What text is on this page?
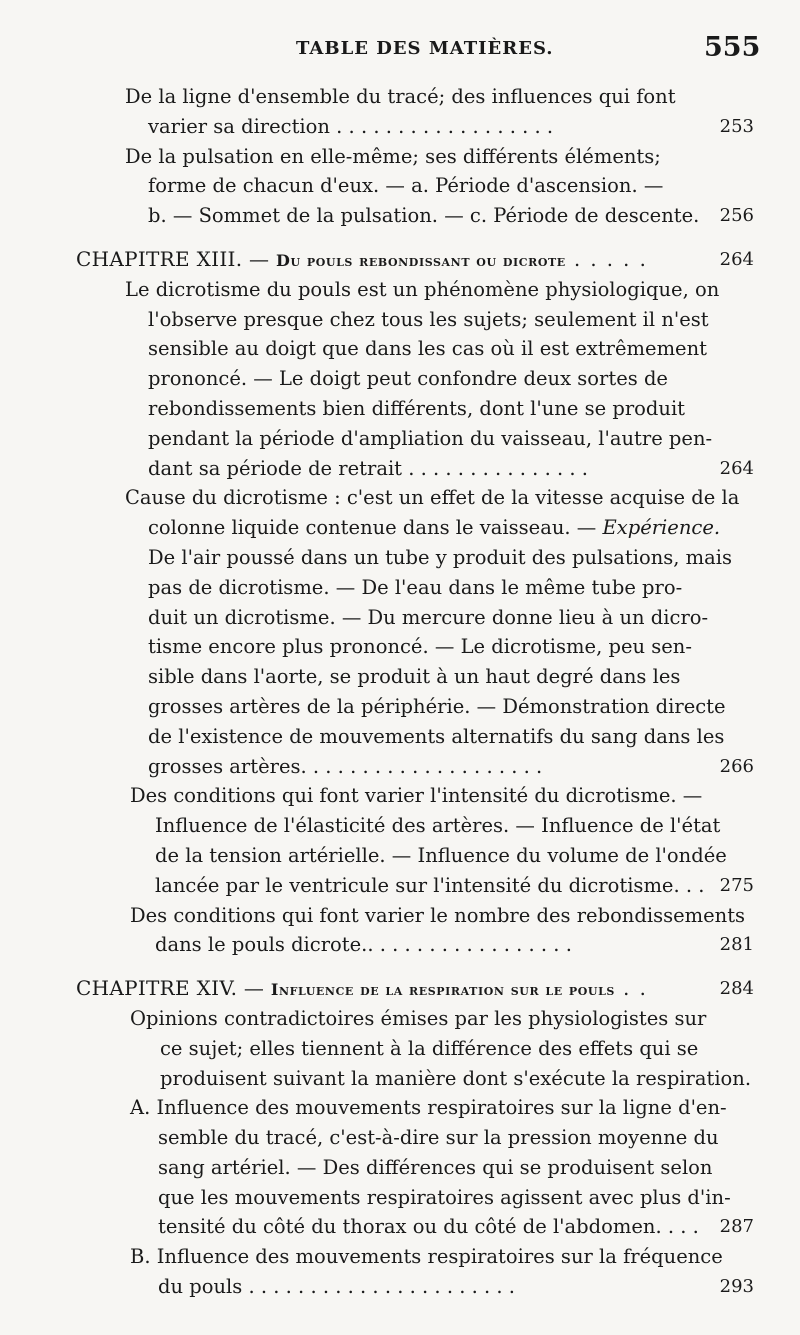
TABLE DES MATIÈRES.	555
De la ligne d'ensemble du tracé; des influences qui font
varier sa direction . . . . . . . . . . . . . . . . . .	253
De la pulsation en elle-même; ses différents éléments;
forme de chacun d'eux. — a. Période d'ascension. —
b. — Sommet de la pulsation. — c. Période de descente. 256
CHAPITRE XIII. — Du pouls rebondissant ou dicrote . . . . .	264
Le dicrotisme du pouls est un phénomène physiologique, on
l'observe presque chez tous les sujets; seulement il n'est
sensible au doigt que dans les cas où il est extrêmement
prononcé. — Le doigt peut confondre deux sortes de
rebondissements bien différents, dont l'une se produit
pendant la période d'ampliation du vaisseau, l'autre pen-
dant sa période de retrait . . . . . . . . . . . . . . .	264
Cause du dicrotisme : c'est un effet de la vitesse acquise de la
colonne liquide contenue dans le vaisseau. — Expérience.
De l'air poussé dans un tube y produit des pulsations, mais
pas de dicrotisme. — De l'eau dans le même tube pro-
duit un dicrotisme. — Du mercure donne lieu à un dicro-
tisme encore plus prononcé. — Le dicrotisme, peu sen-
sible dans l'aorte, se produit à un haut degré dans les
grosses artères de la périphérie. — Démonstration directe
de l'existence de mouvements alternatifs du sang dans les
grosses artères. . . . . . . . . . . . . . . . . . . .	266
Des conditions qui font varier l'intensité du dicrotisme. —
Influence de l'élasticité des artères. — Influence de l'état
de la tension artérielle. — Influence du volume de l'ondée
lancée par le ventricule sur l'intensité du dicrotisme. . . 275
Des conditions qui font varier le nombre des rebondissements
dans le pouls dicrote.. . . . . . . . . . . . . . . . .	281
CHAPITRE XIV. — Influence de la respiration sur le pouls . .	284
Opinions contradictoires émises par les physiologistes sur
ce sujet; elles tiennent à la différence des effets qui se
produisent suivant la manière dont s'exécute la respiration.
A. Influence des mouvements respiratoires sur la ligne d'en-
semble du tracé, c'est-à-dire sur la pression moyenne du
sang artériel. — Des différences qui se produisent selon
que les mouvements respiratoires agissent avec plus d'in-
tensité du côté du thorax ou du côté de l'abdomen. . . . 287
B. Influence des mouvements respiratoires sur la fréquence
du pouls . . . . . . . . . . . . . . . . . . . . . .	293
